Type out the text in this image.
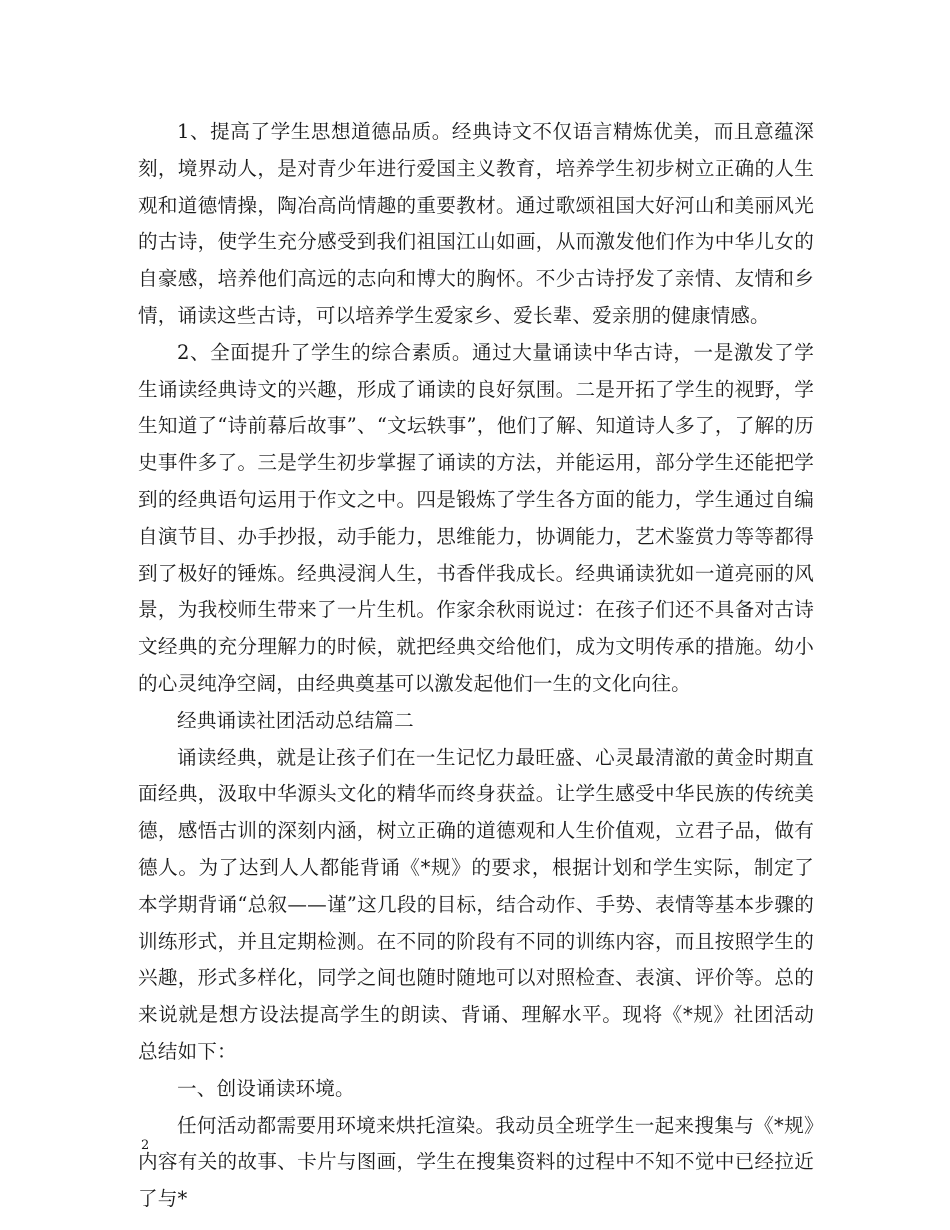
1、提高了学生思想道德品质。经典诗文不仅语言精炼优美，而且意蕴深刻，境界动人，是对青少年进行爱国主义教育，培养学生初步树立正确的人生观和道德情操，陶冶高尚情趣的重要教材。通过歌颂祖国大好河山和美丽风光的古诗，使学生充分感受到我们祖国江山如画，从而激发他们作为中华儿女的自豪感，培养他们高远的志向和博大的胸怀。不少古诗抒发了亲情、友情和乡情，诵读这些古诗，可以培养学生爱家乡、爱长辈、爱亲朋的健康情感。

2、全面提升了学生的综合素质。通过大量诵读中华古诗，一是激发了学生诵读经典诗文的兴趣，形成了诵读的良好氛围。二是开拓了学生的视野，学生知道了“诗前幕后故事”、“文坛轶事”，他们了解、知道诗人多了，了解的历史事件多了。三是学生初步掌握了诵读的方法，并能运用，部分学生还能把学到的经典语句运用于作文之中。四是锻炼了学生各方面的能力，学生通过自编自演节目、办手抄报，动手能力，思维能力，协调能力，艺术鉴赏力等等都得到了极好的锤炼。经典浸润人生，书香伴我成长。经典诵读犹如一道亮丽的风景，为我校师生带来了一片生机。作家余秋雨说过：在孩子们还不具备对古诗文经典的充分理解力的时候，就把经典交给他们，成为文明传承的措施。幼小的心灵纯净空阔，由经典奠基可以激发起他们一生的文化向往。

经典诵读社团活动总结篇二

诵读经典，就是让孩子们在一生记忆力最旺盛、心灵最清澈的黄金时期直面经典，汲取中华源头文化的精华而终身获益。让学生感受中华民族的传统美德，感悟古训的深刻内涵，树立正确的道德观和人生价值观，立君子品，做有德人。为了达到人人都能背诵《*规》的要求，根据计划和学生实际，制定了本学期背诵“总叙——谨”这几段的目标，结合动作、手势、表情等基本步骤的训练形式，并且定期检测。在不同的阶段有不同的训练内容，而且按照学生的兴趣，形式多样化，同学之间也随时随地可以对照检查、表演、评价等。总的来说就是想方设法提高学生的朗读、背诵、理解水平。现将《*规》社团活动总结如下：

一、创设诵读环境。

任何活动都需要用环境来烘托渲染。我动员全班学生一起来搜集与《*规》内容有关的故事、卡片与图画，学生在搜集资料的过程中不知不觉中已经拉近了与*

2
